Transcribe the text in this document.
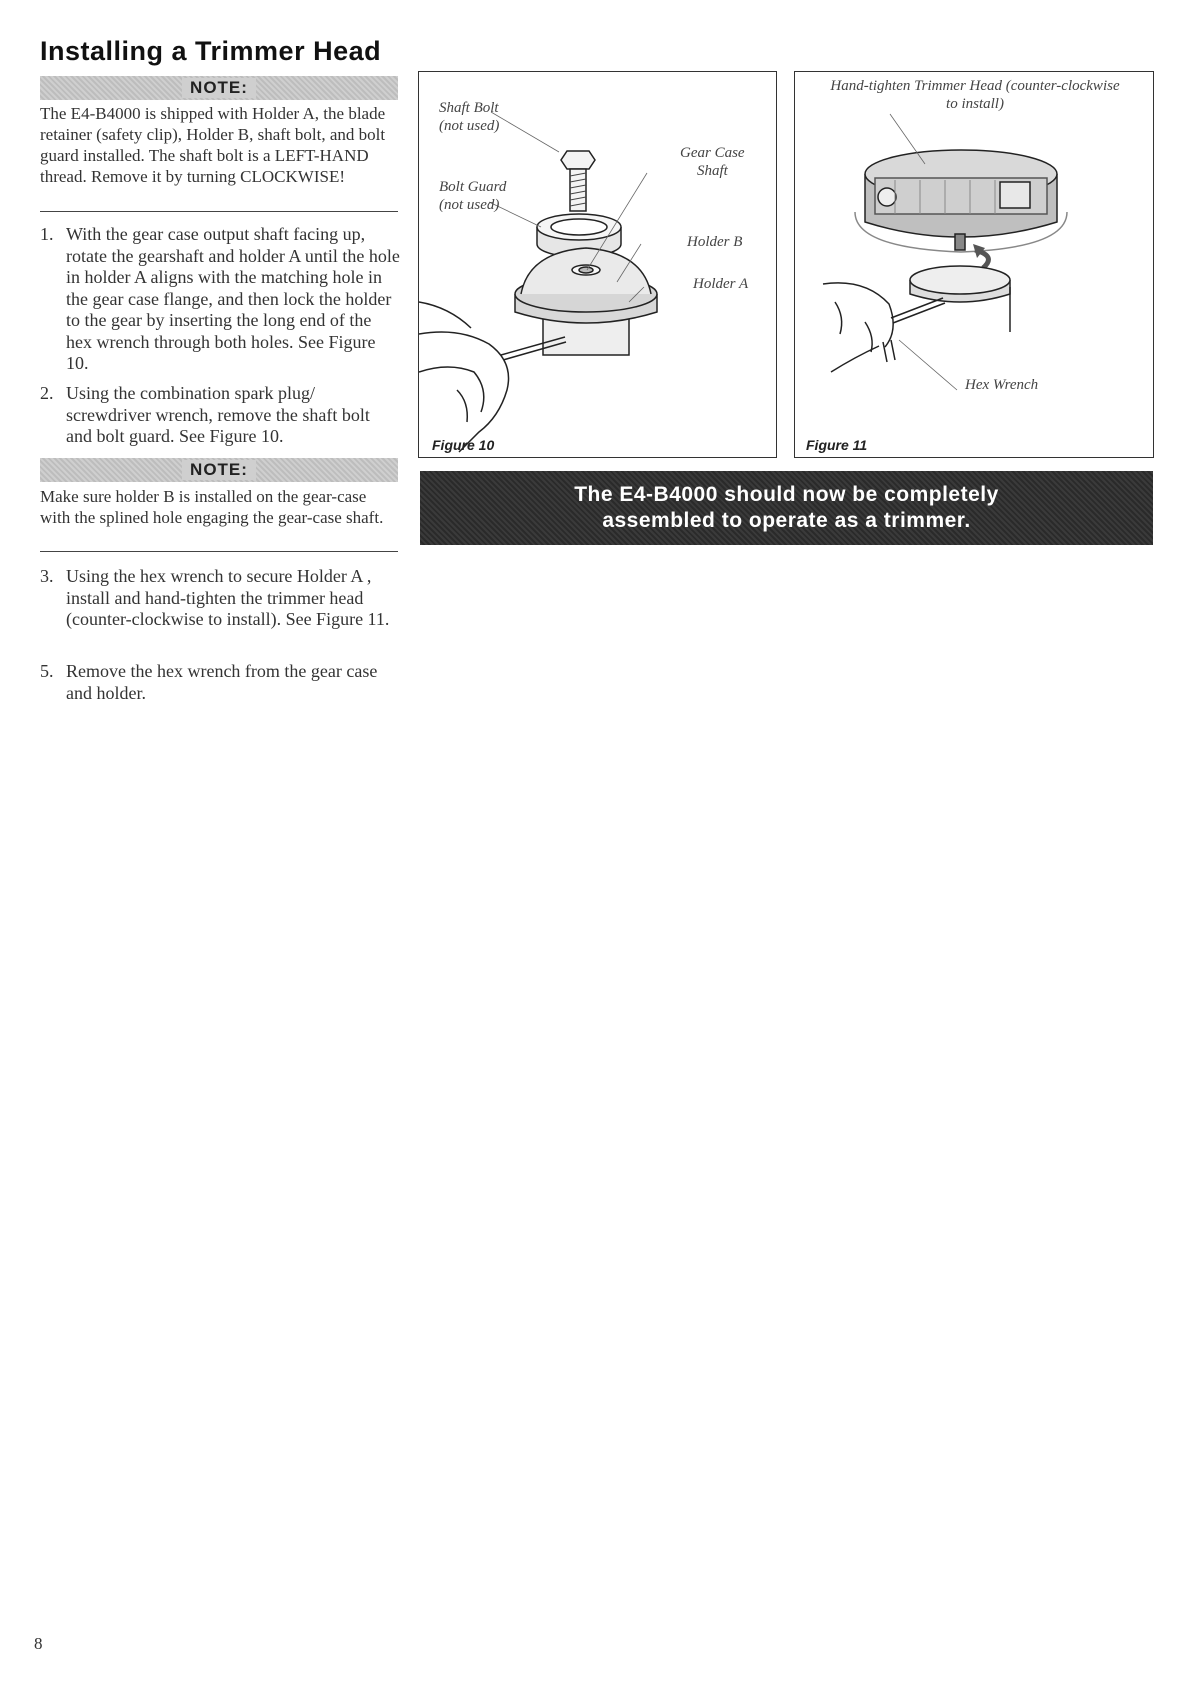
Installing a Trimmer Head
NOTE:
The E4-B4000 is shipped with Holder A, the blade retainer (safety clip), Holder B, shaft bolt, and bolt guard installed. The shaft bolt is a LEFT-HAND thread. Remove it by turning CLOCKWISE!
1. With the gear case output shaft facing up, rotate the gearshaft and holder A until the hole in holder A aligns with the matching hole in the gear case flange, and then lock the holder to the gear by inserting the long end of the hex wrench through both holes. See Figure 10.
2. Using the combination spark plug/ screwdriver wrench, remove the shaft bolt and bolt guard. See Figure 10.
NOTE:
Make sure holder B is installed on the gear-case with the splined hole engaging the gear-case shaft.
3. Using the hex wrench to secure Holder A , install and hand-tighten the trimmer head (counter-clockwise to install). See Figure 11.
5. Remove the hex wrench from the gear case and holder.
Shaft Bolt
(not used)
Bolt Guard
(not used)
Gear Case
Shaft
Holder B
Holder A
Figure 10
Hand-tighten Trimmer Head (counter-clockwise to install)
Hex Wrench
Figure 11
The E4-B4000 should now be completely assembled to operate as a trimmer.
8
